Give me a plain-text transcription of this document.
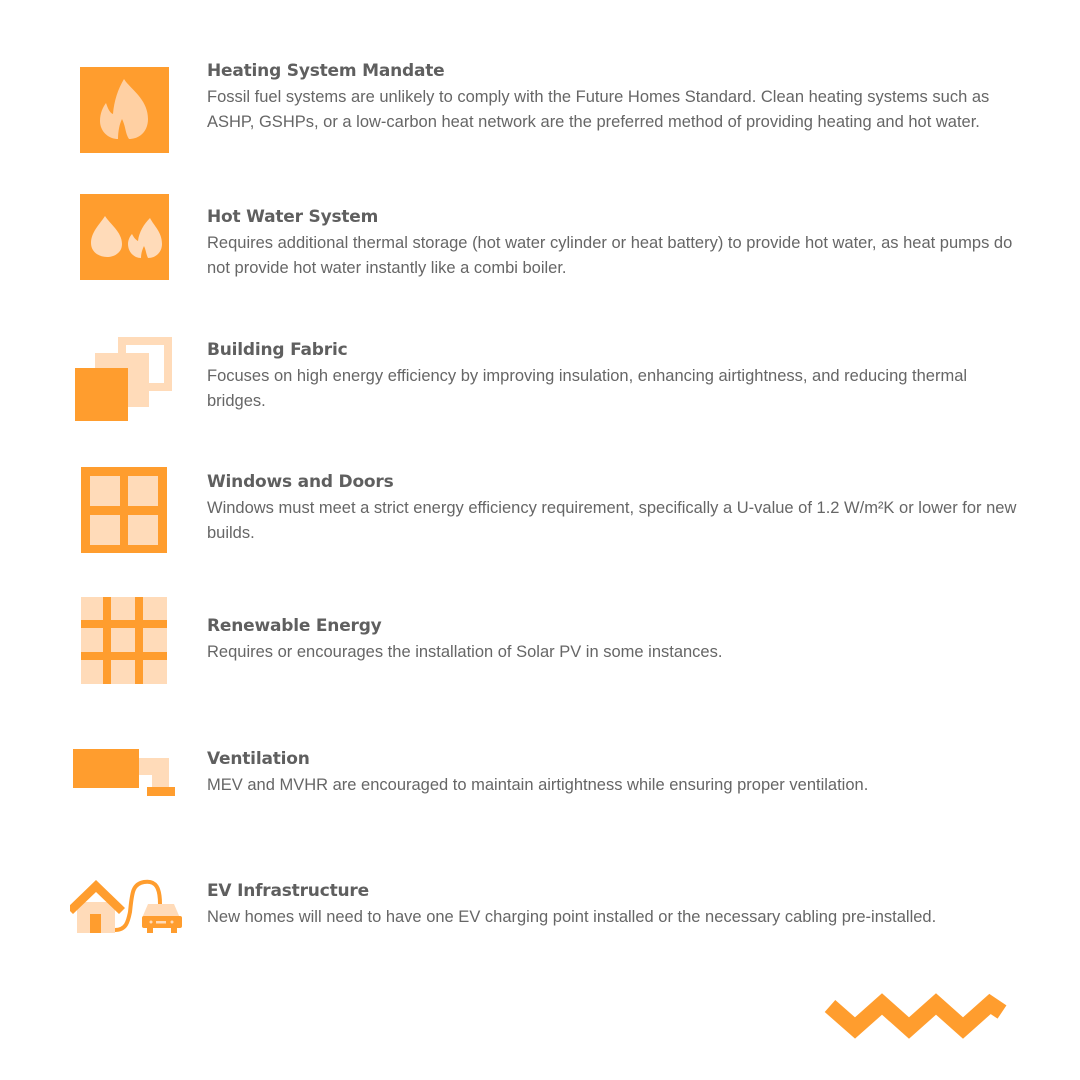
Heating System Mandate

Fossil fuel systems are unlikely to comply with the Future Homes Standard. Clean heating systems such as ASHP, GSHPs, or a low-carbon heat network are the preferred method of providing heating and hot water.

Hot Water System

Requires additional thermal storage (hot water cylinder or heat battery) to provide hot water, as heat pumps do not provide hot water instantly like a combi boiler.

Building Fabric

Focuses on high energy efficiency by improving insulation, enhancing airtightness, and reducing thermal bridges.

Windows and Doors

Windows must meet a strict energy efficiency requirement, specifically a U-value of 1.2 W/m²K or lower for new builds.

Renewable Energy

Requires or encourages the installation of Solar PV in some instances.

Ventilation

MEV and MVHR are encouraged to maintain airtightness while ensuring proper ventilation.

EV Infrastructure

New homes will need to have one EV charging point installed or the necessary cabling pre-installed.
